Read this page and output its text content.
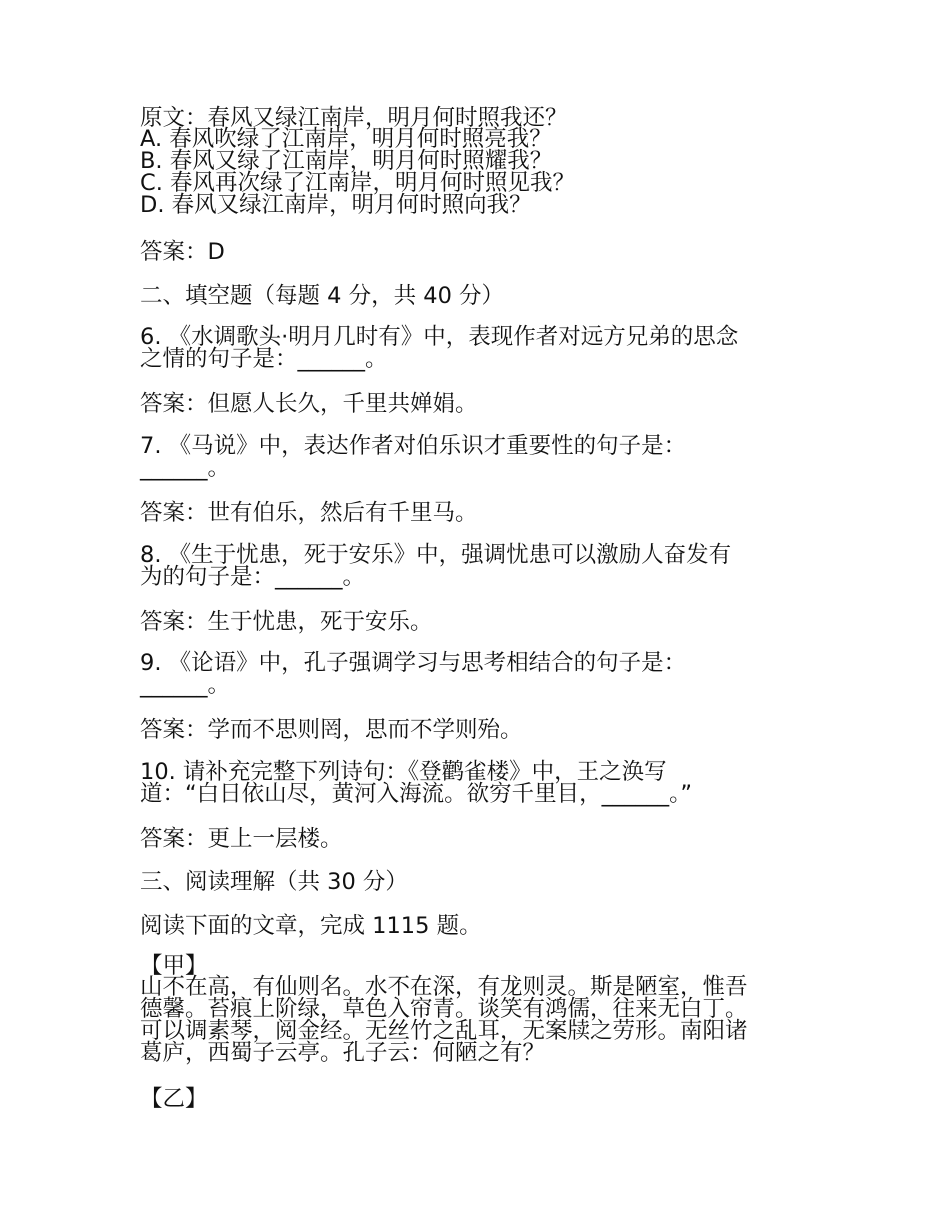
原文：春风又绿江南岸，明月何时照我还？

A. 春风吹绿了江南岸，明月何时照亮我？

B. 春风又绿了江南岸，明月何时照耀我？

C. 春风再次绿了江南岸，明月何时照见我？

D. 春风又绿江南岸，明月何时照向我？

答案：D

二、填空题（每题 4 分，共 40 分）

6. 《水调歌头·明月几时有》中，表现作者对远方兄弟的思念

之情的句子是：______。

答案：但愿人长久，千里共婵娟。

7. 《马说》中，表达作者对伯乐识才重要性的句子是：

______。

答案：世有伯乐，然后有千里马。

8. 《生于忧患，死于安乐》中，强调忧患可以激励人奋发有

为的句子是：______。

答案：生于忧患，死于安乐。

9. 《论语》中，孔子强调学习与思考相结合的句子是：

______。

答案：学而不思则罔，思而不学则殆。

10. 请补充完整下列诗句：《登鹳雀楼》中，王之涣写

道：“白日依山尽，黄河入海流。欲穷千里目，______。”

答案：更上一层楼。

三、阅读理解（共 30 分）

阅读下面的文章，完成 1115 题。

【甲】

山不在高，有仙则名。水不在深，有龙则灵。斯是陋室，惟吾

德馨。苔痕上阶绿，草色入帘青。谈笑有鸿儒，往来无白丁。

可以调素琴，阅金经。无丝竹之乱耳，无案牍之劳形。南阳诸

葛庐，西蜀子云亭。孔子云：何陋之有？

【乙】
